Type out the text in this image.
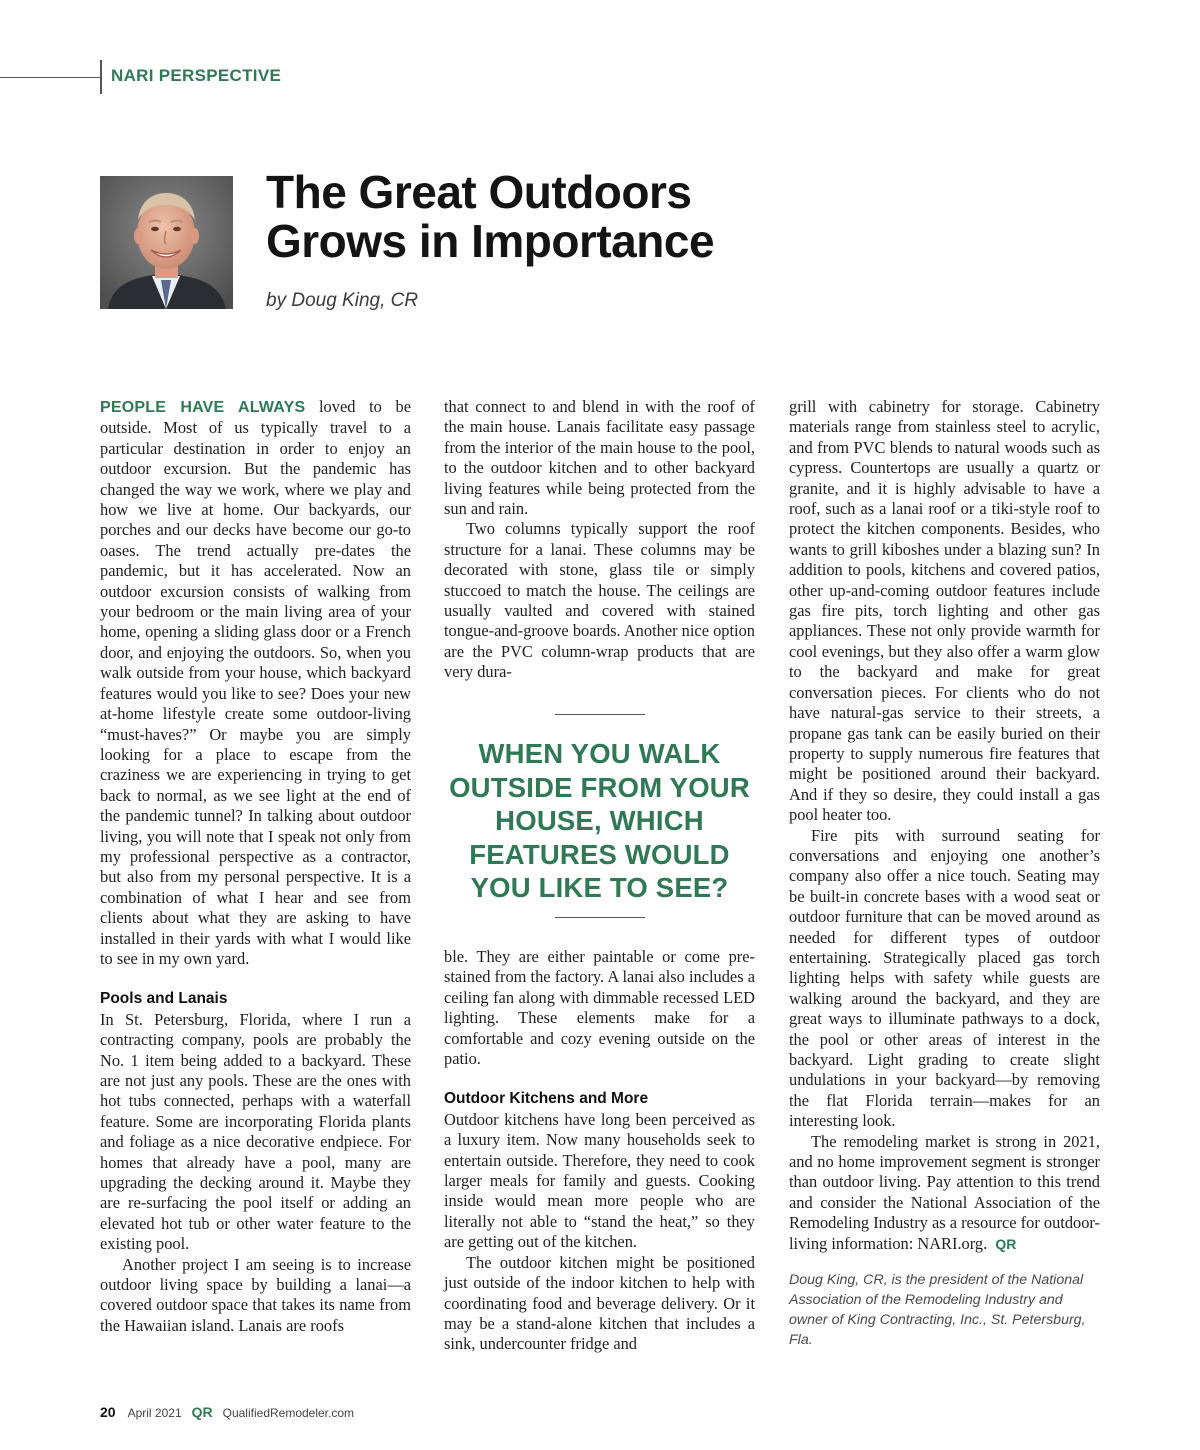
NARI PERSPECTIVE
The Great Outdoors
Grows in Importance
by Doug King, CR

PEOPLE HAVE ALWAYS loved to be outside. Most of us typically travel to a particular destination in order to enjoy an outdoor excursion. But the pandemic has changed the way we work, where we play and how we live at home. Our backyards, our porches and our decks have become our go-to oases. The trend actually pre-dates the pandemic, but it has accelerated. Now an outdoor excursion consists of walking from your bedroom or the main living area of your home, opening a sliding glass door or a French door, and enjoying the outdoors. So, when you walk outside from your house, which backyard features would you like to see? Does your new at-home lifestyle create some outdoor-living “must-haves?” Or maybe you are simply looking for a place to escape from the craziness we are experiencing in trying to get back to normal, as we see light at the end of the pandemic tunnel? In talking about outdoor living, you will note that I speak not only from my professional perspective as a contractor, but also from my personal perspective. It is a combination of what I hear and see from clients about what they are asking to have installed in their yards with what I would like to see in my own yard.

Pools and Lanais

In St. Petersburg, Florida, where I run a contracting company, pools are probably the No. 1 item being added to a backyard. These are not just any pools. These are the ones with hot tubs connected, perhaps with a waterfall feature. Some are incorporating Florida plants and foliage as a nice decorative endpiece. For homes that already have a pool, many are upgrading the decking around it. Maybe they are re-surfacing the pool itself or adding an elevated hot tub or other water feature to the existing pool.

Another project I am seeing is to increase outdoor living space by building a lanai—a covered outdoor space that takes its name from the Hawaiian island. Lanais are roofs

that connect to and blend in with the roof of the main house. Lanais facilitate easy passage from the interior of the main house to the pool, to the outdoor kitchen and to other backyard living features while being protected from the sun and rain.

Two columns typically support the roof structure for a lanai. These columns may be decorated with stone, glass tile or simply stuccoed to match the house. The ceilings are usually vaulted and covered with stained tongue-and-groove boards. Another nice option are the PVC column-wrap products that are very dura-

WHEN YOU WALK OUTSIDE FROM YOUR HOUSE, WHICH FEATURES WOULD YOU LIKE TO SEE?

ble. They are either paintable or come pre-stained from the factory. A lanai also includes a ceiling fan along with dimmable recessed LED lighting. These elements make for a comfortable and cozy evening outside on the patio.

Outdoor Kitchens and More

Outdoor kitchens have long been perceived as a luxury item. Now many households seek to entertain outside. Therefore, they need to cook larger meals for family and guests. Cooking inside would mean more people who are literally not able to “stand the heat,” so they are getting out of the kitchen.

The outdoor kitchen might be positioned just outside of the indoor kitchen to help with coordinating food and beverage delivery. Or it may be a stand-alone kitchen that includes a sink, undercounter fridge and

grill with cabinetry for storage. Cabinetry materials range from stainless steel to acrylic, and from PVC blends to natural woods such as cypress. Countertops are usually a quartz or granite, and it is highly advisable to have a roof, such as a lanai roof or a tiki-style roof to protect the kitchen components. Besides, who wants to grill kiboshes under a blazing sun? In addition to pools, kitchens and covered patios, other up-and-coming outdoor features include gas fire pits, torch lighting and other gas appliances. These not only provide warmth for cool evenings, but they also offer a warm glow to the backyard and make for great conversation pieces. For clients who do not have natural-gas service to their streets, a propane gas tank can be easily buried on their property to supply numerous fire features that might be positioned around their backyard. And if they so desire, they could install a gas pool heater too.

Fire pits with surround seating for conversations and enjoying one another’s company also offer a nice touch. Seating may be built-in concrete bases with a wood seat or outdoor furniture that can be moved around as needed for different types of outdoor entertaining. Strategically placed gas torch lighting helps with safety while guests are walking around the backyard, and they are great ways to illuminate pathways to a dock, the pool or other areas of interest in the backyard. Light grading to create slight undulations in your backyard—by removing the flat Florida terrain—makes for an interesting look.

The remodeling market is strong in 2021, and no home improvement segment is stronger than outdoor living. Pay attention to this trend and consider the National Association of the Remodeling Industry as a resource for outdoor-living information: NARI.org. QR

Doug King, CR, is the president of the National Association of the Remodeling Industry and owner of King Contracting, Inc., St. Petersburg, Fla.

20 April 2021 QR QualifiedRemodeler.com
